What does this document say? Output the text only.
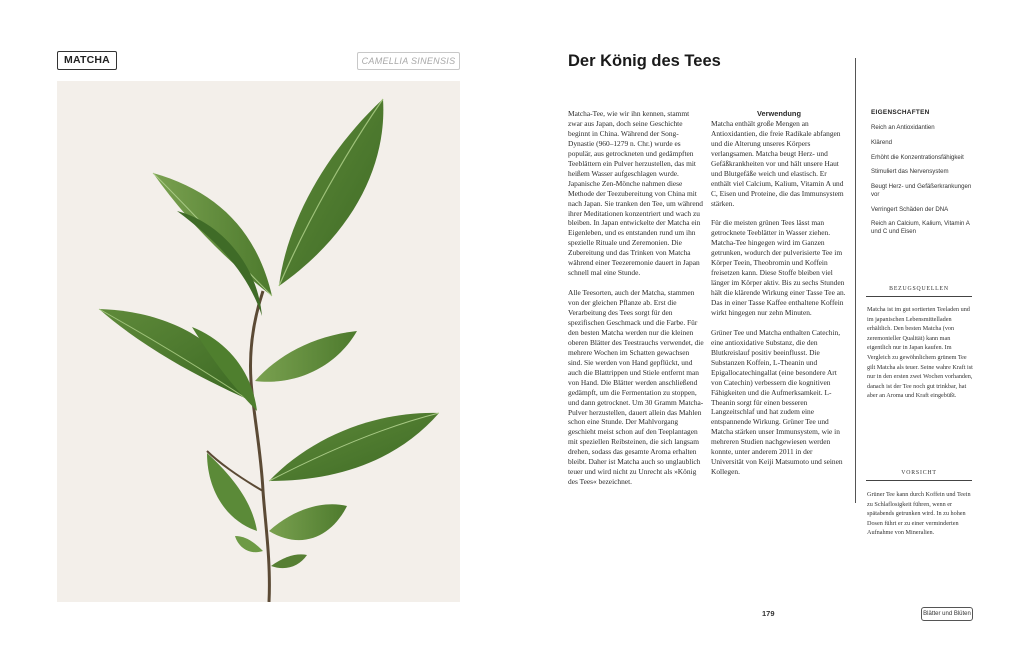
MATCHA	CAMELLIA SINENSIS	Der König des Tees

Matcha-Tee, wie wir ihn kennen, stammt zwar aus Japan, doch seine Geschichte beginnt in China. Während der Song-Dynastie (960–1279 n. Chr.) wurde es populär, aus getrockneten und gedämpften Teeblättern ein Pulver herzustellen, das mit heißem Wasser aufgeschlagen wurde. Japanische Zen-Mönche nahmen diese Methode der Teezubereitung von China mit nach Japan. Sie tranken den Tee, um während ihrer Meditationen konzentriert und wach zu bleiben. In Japan entwickelte der Matcha ein Eigenleben, und es entstanden rund um ihn spezielle Rituale und Zeremonien. Die Zubereitung und das Trinken von Matcha während einer Teezeremonie dauert in Japan schnell mal eine Stunde.

Alle Teesorten, auch der Matcha, stammen von der gleichen Pflanze ab. Erst die Verarbeitung des Tees sorgt für den spezifischen Geschmack und die Farbe. Für den besten Matcha werden nur die kleinen oberen Blätter des Teestrauchs verwendet, die mehrere Wochen im Schatten gewachsen sind. Sie werden von Hand gepflückt, und auch die Blattrippen und Stiele entfernt man von Hand. Die Blätter werden anschließend gedämpft, um die Fermentation zu stoppen, und dann getrocknet. Um 30 Gramm Matcha-Pulver herzustellen, dauert allein das Mahlen schon eine Stunde. Der Mahlvorgang geschieht meist schon auf den Teeplantagen mit speziellen Reibsteinen, die sich langsam drehen, sodass das gesamte Aroma erhalten bleibt. Daher ist Matcha auch so unglaublich teuer und wird nicht zu Unrecht als »König des Tees« bezeichnet.

Verwendung

Matcha enthält große Mengen an Antioxidantien, die freie Radikale abfangen und die Alterung unseres Körpers verlangsamen. Matcha beugt Herz- und Gefäßkrankheiten vor und hält unsere Haut und Blutgefäße weich und elastisch. Er enthält viel Calcium, Kalium, Vitamin A und C, Eisen und Proteine, die das Immunsystem stärken.

Für die meisten grünen Tees lässt man getrocknete Teeblätter in Wasser ziehen. Matcha-Tee hingegen wird im Ganzen getrunken, wodurch der pulverisierte Tee im Körper Teein, Theobromin und Koffein freisetzen kann. Diese Stoffe bleiben viel länger im Körper aktiv. Bis zu sechs Stunden hält die klärende Wirkung einer Tasse Tee an. Das in einer Tasse Kaffee enthaltene Koffein wirkt hingegen nur zehn Minuten.

Grüner Tee und Matcha enthalten Catechin, eine antioxidative Substanz, die den Blutkreislauf positiv beeinflusst. Die Substanzen Koffein, L-Theanin und Epigallocatechingallat (eine besondere Art von Catechin) verbessern die kognitiven Fähigkeiten und die Aufmerksamkeit. L-Theanin sorgt für einen besseren Langzeitschlaf und hat zudem eine entspannende Wirkung. Grüner Tee und Matcha stärken unser Immunsystem, wie in mehreren Studien nachgewiesen werden konnte, unter anderem 2011 in der Universität von Keiji Matsumoto und seinen Kollegen.

EIGENSCHAFTEN
Reich an Antioxidantien
Klärend
Erhöht die Konzentrationsfähigkeit
Stimuliert das Nervensystem
Beugt Herz- und Gefäßerkrankungen vor
Verringert Schäden der DNA
Reich an Calcium, Kalium, Vitamin A und C und Eisen
BEZUGSQUELLEN
Matcha ist im gut sortierten Teeladen und im japanischen Lebensmittelladen erhältlich. Den besten Matcha (von zeremonieller Qualität) kann man eigentlich nur in Japan kaufen. Im Vergleich zu gewöhnlichem grünem Tee gilt Matcha als teuer. Seine wahre Kraft ist nur in den ersten zwei Wochen vorhanden, danach ist der Tee noch gut trinkbar, hat aber an Aroma und Kraft eingebüßt.
VORSICHT
Grüner Tee kann durch Koffein und Teein zu Schlaflosigkeit führen, wenn er spätabends getrunken wird. In zu hohen Dosen führt er zu einer verminderten Aufnahme von Mineralien.
179	Blätter und Blüten
